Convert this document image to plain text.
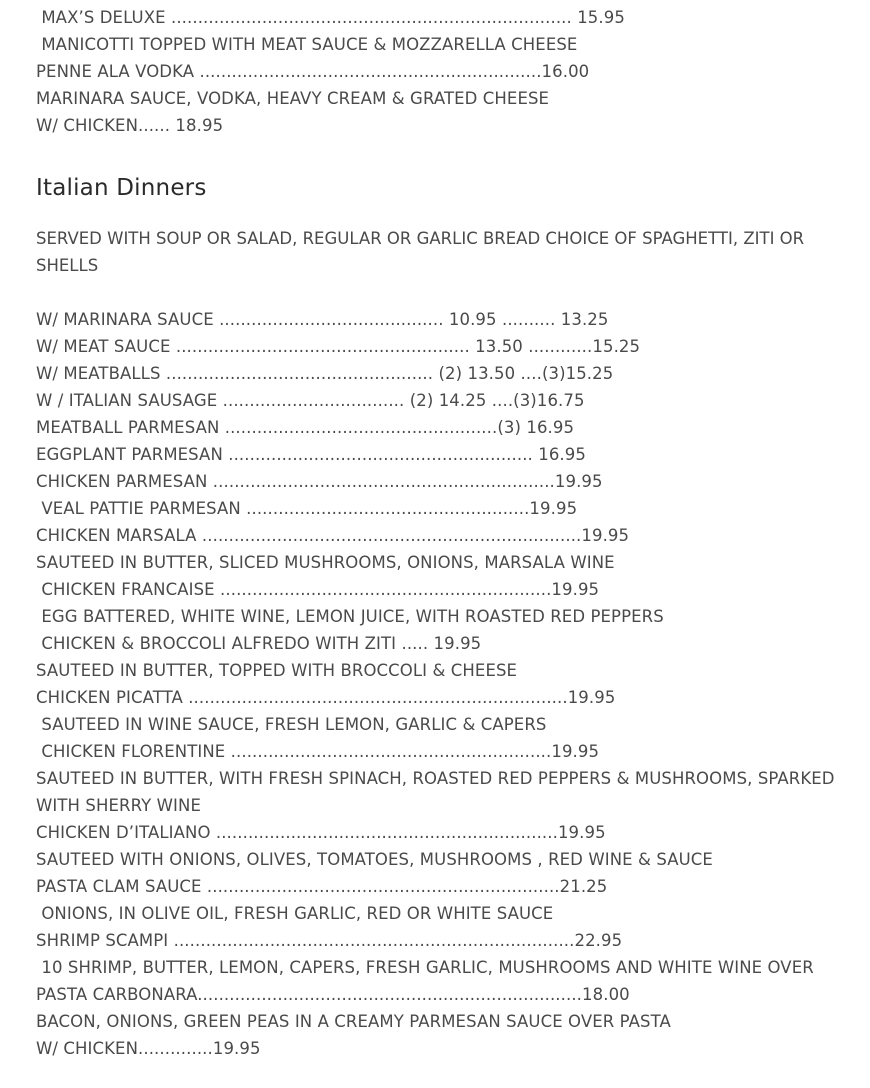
MAX’S DELUXE ........................................................................... 15.95
MANICOTTI TOPPED WITH MEAT SAUCE & MOZZARELLA CHEESE
PENNE ALA VODKA ................................................................16.00
MARINARA SAUCE, VODKA, HEAVY CREAM & GRATED CHEESE
W/ CHICKEN...... 18.95
Italian Dinners
SERVED WITH SOUP OR SALAD, REGULAR OR GARLIC BREAD CHOICE OF SPAGHETTI, ZITI OR SHELLS
W/ MARINARA SAUCE .......................................... 10.95 .......... 13.25
W/ MEAT SAUCE ....................................................... 13.50 ............15.25
W/ MEATBALLS .................................................. (2) 13.50 ....(3)15.25
W / ITALIAN SAUSAGE .................................. (2) 14.25 ....(3)16.75
MEATBALL PARMESAN ...................................................(3) 16.95
EGGPLANT PARMESAN ......................................................... 16.95
CHICKEN PARMESAN ................................................................19.95
VEAL PATTIE PARMESAN .....................................................19.95
CHICKEN MARSALA .......................................................................19.95
SAUTEED IN BUTTER, SLICED MUSHROOMS, ONIONS, MARSALA WINE
CHICKEN FRANCAISE ..............................................................19.95
EGG BATTERED, WHITE WINE, LEMON JUICE, WITH ROASTED RED PEPPERS
CHICKEN & BROCCOLI ALFREDO WITH ZITI ..... 19.95
SAUTEED IN BUTTER, TOPPED WITH BROCCOLI & CHEESE
CHICKEN PICATTA .......................................................................19.95
SAUTEED IN WINE SAUCE, FRESH LEMON, GARLIC & CAPERS
CHICKEN FLORENTINE ............................................................19.95
SAUTEED IN BUTTER, WITH FRESH SPINACH, ROASTED RED PEPPERS & MUSHROOMS, SPARKED
WITH SHERRY WINE
CHICKEN D’ITALIANO ................................................................19.95
SAUTEED WITH ONIONS, OLIVES, TOMATOES, MUSHROOMS , RED WINE & SAUCE
PASTA CLAM SAUCE ..................................................................21.25
ONIONS, IN OLIVE OIL, FRESH GARLIC, RED OR WHITE SAUCE
SHRIMP SCAMPI ...........................................................................22.95
10 SHRIMP, BUTTER, LEMON, CAPERS, FRESH GARLIC, MUSHROOMS AND WHITE WINE OVER
PASTA CARBONARA........................................................................18.00
BACON, ONIONS, GREEN PEAS IN A CREAMY PARMESAN SAUCE OVER PASTA
W/ CHICKEN..............19.95
